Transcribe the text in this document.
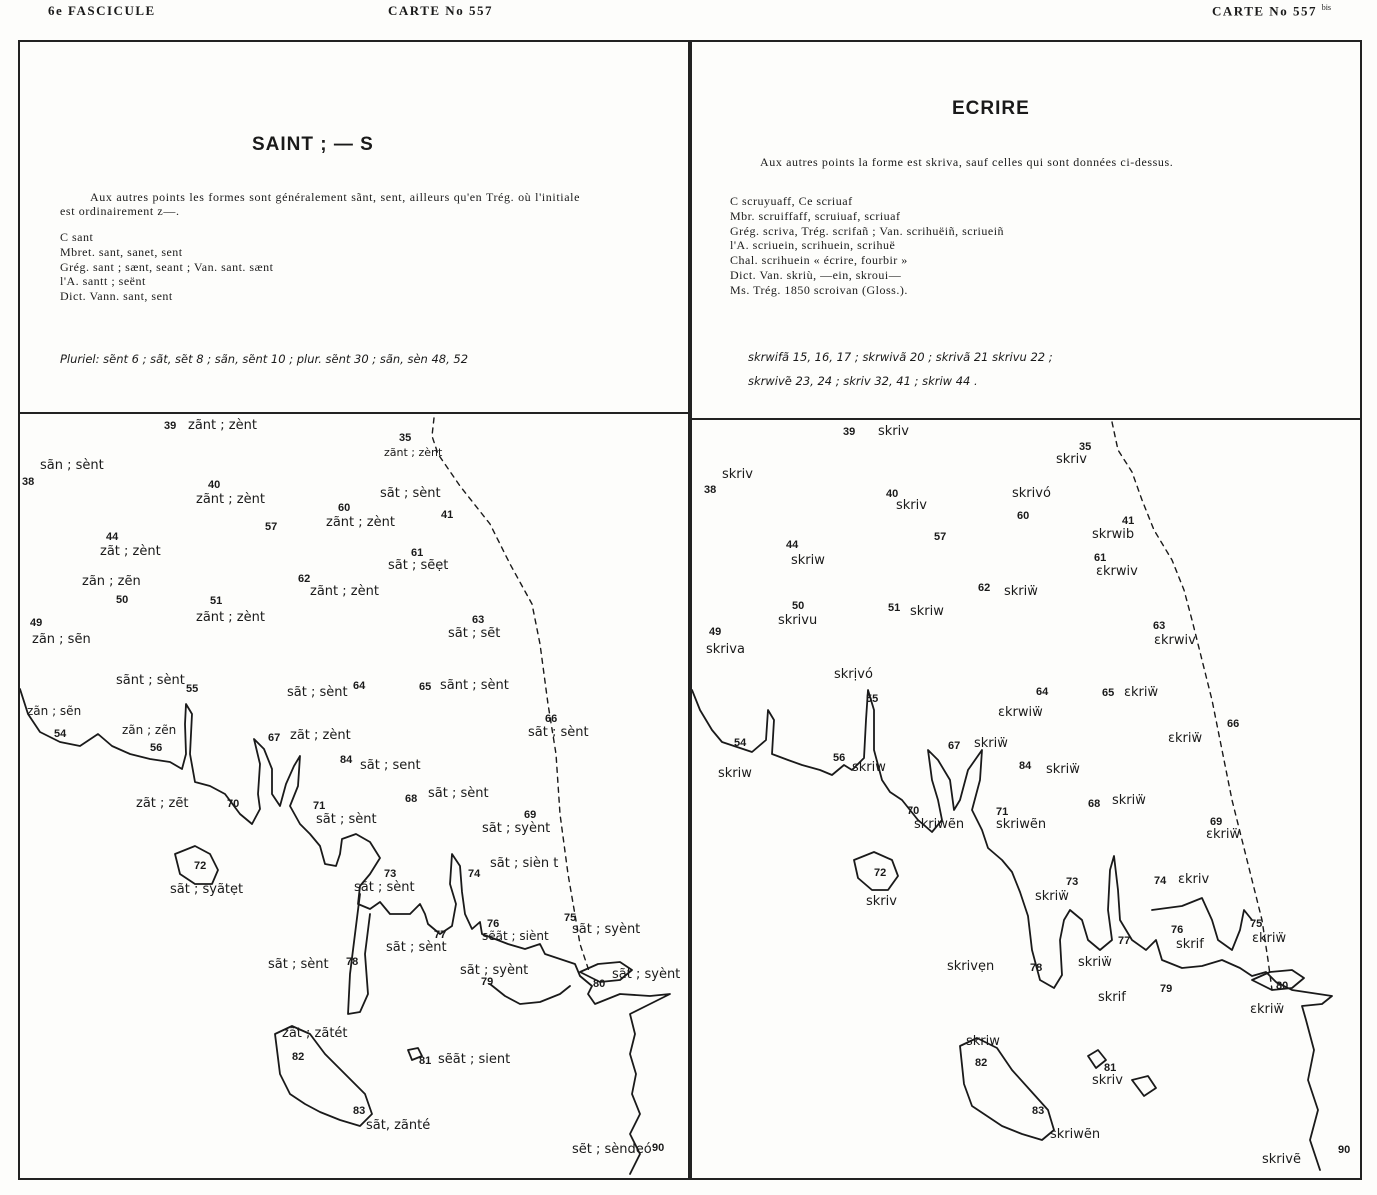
6e FASCICULE	CARTE No 557	CARTE No 557 $^{bis}$
SAINT ; — S
Aux autres points les formes sont généralement sãnt, sent, ailleurs qu'en Trég. où l'initiale est ordinairement z—.
C sant
Mbret. sant, sanet, sent
Grég. sant ; sænt, seant ; Van. sant. sænt
l'A. santt ; seënt
Dict. Vann. sant, sent
Pluriel: sẽnt 6 ; sãt, sẽt 8 ; sãn, sẽnt 10 ; plur. sẽnt 30 ; sãn, sèn 48, 52
39 zãnt ; zènt
35
zãnt ; zènt
sãn ; sènt
38	40
zãnt ; zènt
60
zãnt ; zènt
sãt ; sènt
41
57
44
zãt ; zènt	61
sãt ; sẽẹt
zãn ; zẽn
50
62
zãnt ; zènt
49
zãn ; sẽn
51
zãnt ; zènt	63
sãt ; sẽt
sãnt ; sènt
55	sãt ; sènt 64	65 sãnt ; sènt
zãn ; sẽn
54	zãn ; zẽn
56
66
sãt ; sènt
67 zãt ; zènt
84 sãt ; sent
zãt ; zẽt	70	68 sãt ; sènt
71
sãt ; sènt	69
sãt ; syènt
72
sãt ; syãtẹt
sãt ; sièn t
74
73
sãt ; sènt
76
sẽãt ; siènt
75
sãt ; syènt
77
sãt ; sènt
sãt ; sènt 78
sãt ; syènt
79	80
sãt ; syènt
zãt ; zãtét
82	81 sẽãt ; sient
83
sãt, zãnté
sẽt ; sèndẹó 90
ECRIRE
Aux autres points la forme est skriva, sauf celles qui sont données ci-dessus.
C scruyuaff, Ce scriuaf
Mbr. scruiffaff, scruiuaf, scriuaf
Grég. scriva, Trég. scrifañ ; Van. scrihuëiñ, scriueiñ
l'A. scriuein, scrihuein, scrihuë
Chal. scrihuein « écrire, fourbir »
Dict. Van. skriù, —ein, skroui—
Ms. Trég. 1850 scroivan (Gloss.).
skrwifã 15, 16, 17 ; skrwivã 20 ; skrivã 21 skrivu 22 ;
skrwivẽ 23, 24 ; skriv 32, 41 ; skriw 44 .
39 skriv
35
skriv
skriv
38	40
skriv
skrivó
60	41
skrwib
57
44
skriw	61
ɛkrwiv
62 skriẅ
50
skrivu
51 skriw
63
ɛkrwiv
49
skriva
skrịvó
55
64
ɛkrwiẅ
65 ɛkriẅ
66
ɛkriẅ
54
skriw
56
skriw
67 skriẅ
84 skriẅ
68 skriẅ
70
skriwẽn
71
skriwẽn	69
ɛkriẅ
72
skriv
73
skriẅ
74 ɛkriv
76
skrif
75
ɛkriẅ
77
skriẅ
skrivẹn	78
79
skrif
80
ɛkriẅ
skriw
82	81
skriv
83
skriwẽn
90
skrivẽ
